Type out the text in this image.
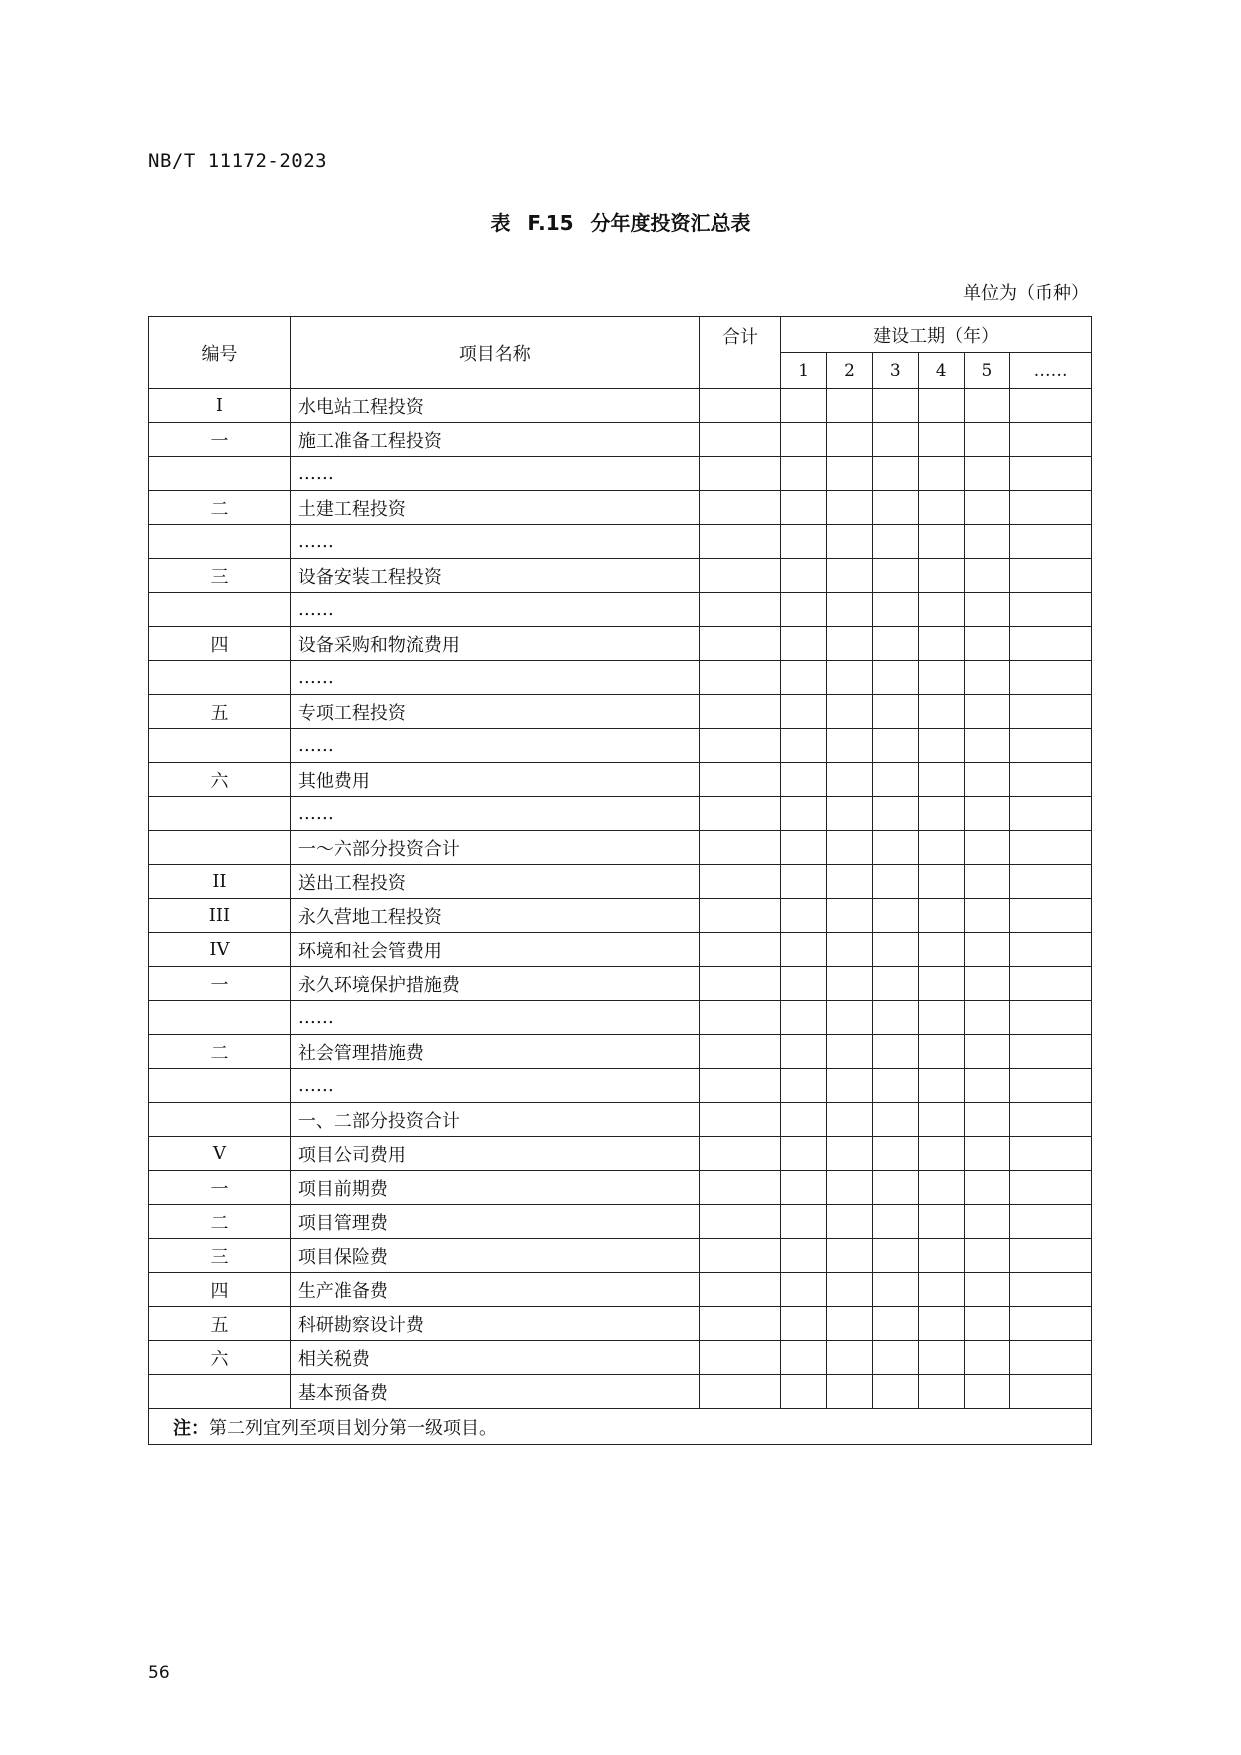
NB/T 11172-2023
表 F.15 分年度投资汇总表
单位为（币种）
编号	项目名称	合计	建设工期（年）					
			1	2	3	4	5	……
I	水电站工程投资							
一	施工准备工程投资							
	……							
二	土建工程投资							
	……							
三	设备安装工程投资							
	……							
四	设备采购和物流费用							
	……							
五	专项工程投资							
	……							
六	其他费用							
	……							
	一～六部分投资合计							
II	送出工程投资							
III	永久营地工程投资							
IV	环境和社会管费用							
一	永久环境保护措施费							
	……							
二	社会管理措施费							
	……							
	一、二部分投资合计							
V	项目公司费用							
一	项目前期费							
二	项目管理费							
三	项目保险费							
四	生产准备费							
五	科研勘察设计费							
六	相关税费							
	基本预备费							
注：第二列宜列至项目划分第一级项目。								
56
